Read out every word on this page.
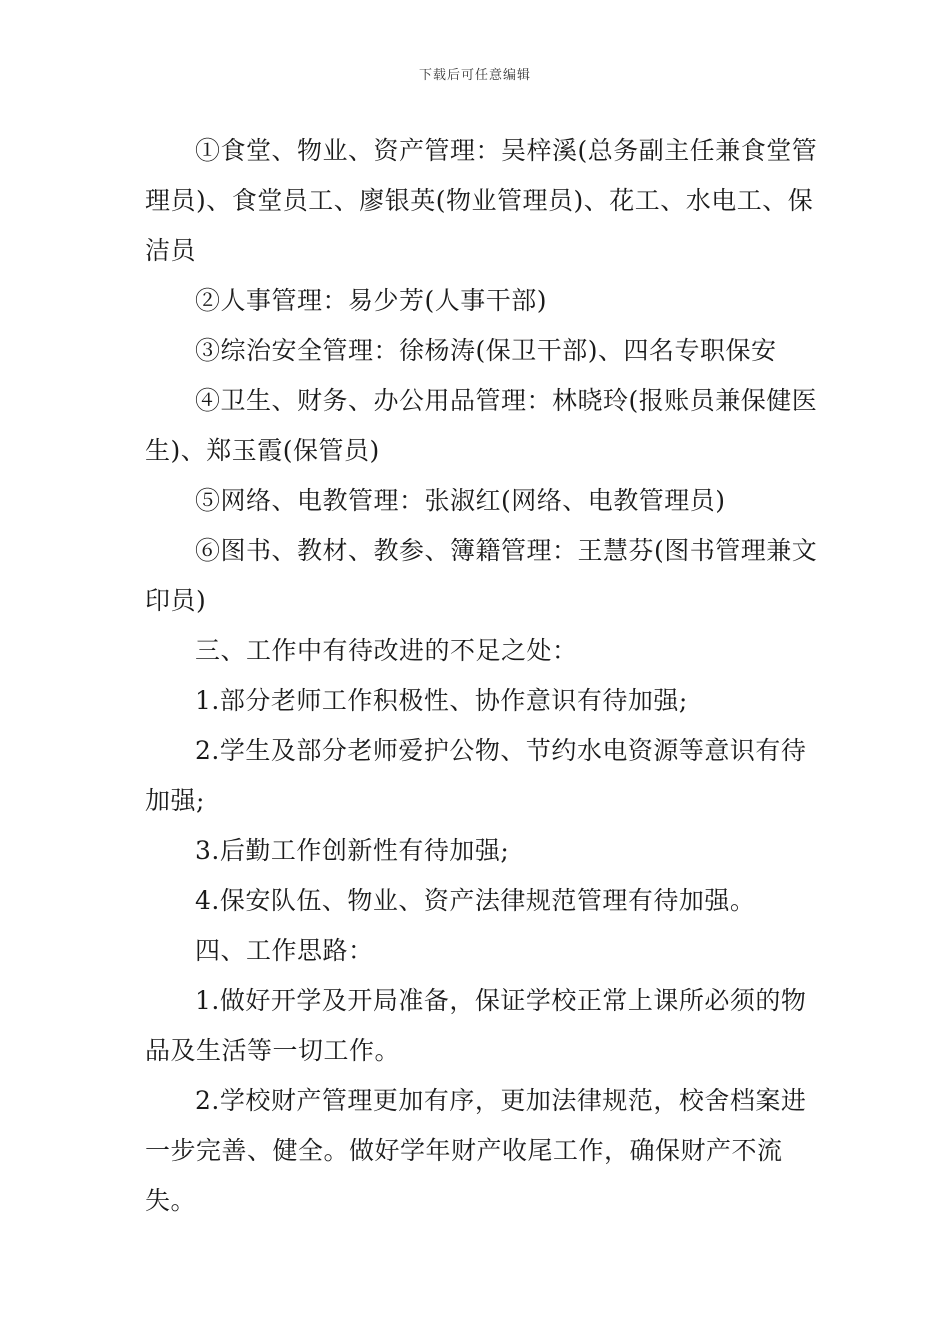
下载后可任意编辑

①食堂、物业、资产管理：吴梓溪(总务副主任兼食堂管理员)、食堂员工、廖银英(物业管理员)、花工、水电工、保洁员

②人事管理：易少芳(人事干部)

③综治安全管理：徐杨涛(保卫干部)、四名专职保安

④卫生、财务、办公用品管理：林晓玲(报账员兼保健医生)、郑玉霞(保管员)

⑤网络、电教管理：张淑红(网络、电教管理员)

⑥图书、教材、教参、簿籍管理：王慧芬(图书管理兼文印员)

三、工作中有待改进的不足之处：

1.部分老师工作积极性、协作意识有待加强;

2.学生及部分老师爱护公物、节约水电资源等意识有待加强;

3.后勤工作创新性有待加强;

4.保安队伍、物业、资产法律规范管理有待加强。

四、工作思路：

1.做好开学及开局准备，保证学校正常上课所必须的物品及生活等一切工作。

2.学校财产管理更加有序，更加法律规范，校舍档案进一步完善、健全。做好学年财产收尾工作，确保财产不流失。
